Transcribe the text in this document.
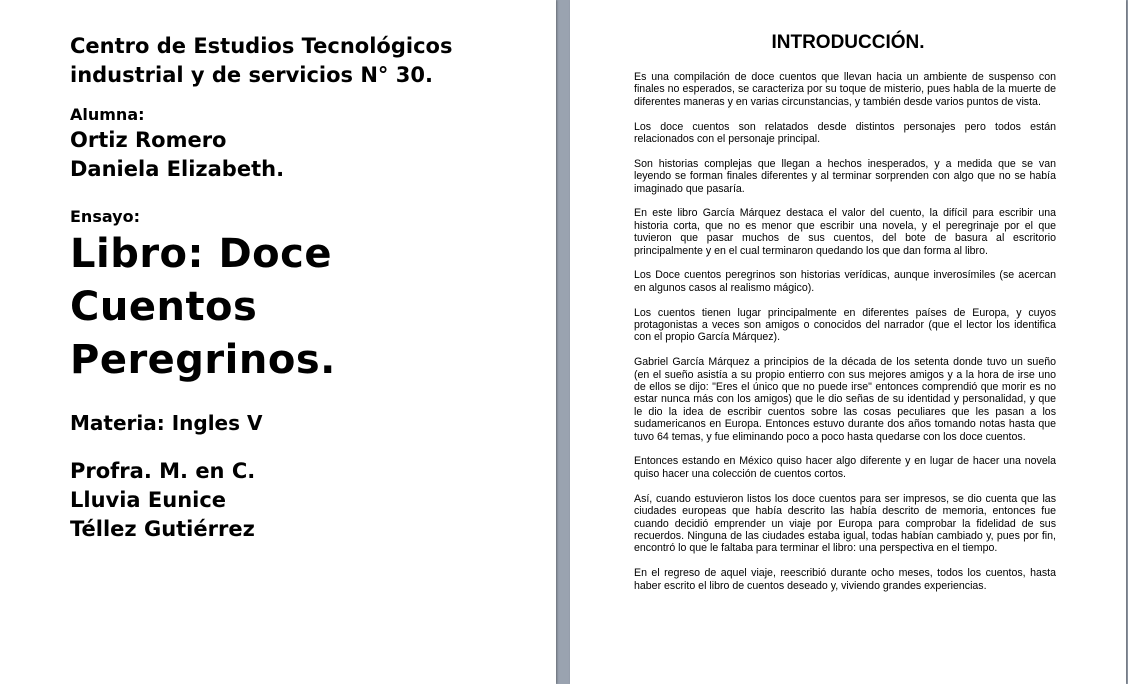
Centro de Estudios Tecnológicos industrial y de servicios N° 30.
Alumna:
Ortiz Romero
Daniela Elizabeth.
Ensayo:
Libro: Doce
Cuentos
Peregrinos.
Materia: Ingles V
Profra. M. en C.
Lluvia Eunice
Téllez Gutiérrez
INTRODUCCIÓN.

Es una compilación de doce cuentos que llevan hacia un ambiente de suspenso con finales no esperados, se caracteriza por su toque de misterio, pues habla de la muerte de diferentes maneras y en varias circunstancias, y también desde varios puntos de vista.

Los doce cuentos son relatados desde distintos personajes pero todos están relacionados con el personaje principal.

Son historias complejas que llegan a hechos inesperados, y a medida que se van leyendo se forman finales diferentes y al terminar sorprenden con algo que no se había imaginado que pasaría.

En este libro García Márquez destaca el valor del cuento, la difícil para escribir una historia corta, que no es menor que escribir una novela, y el peregrinaje por el que tuvieron que pasar muchos de sus cuentos, del bote de basura al escritorio principalmente y en el cual terminaron quedando los que dan forma al libro.

Los Doce cuentos peregrinos son historias verídicas, aunque inverosímiles (se acercan en algunos casos al realismo mágico).

Los cuentos tienen lugar principalmente en diferentes países de Europa, y cuyos protagonistas a veces son amigos o conocidos del narrador (que el lector los identifica con el propio García Márquez).

Gabriel García Márquez a principios de la década de los setenta donde tuvo un sueño (en el sueño asistía a su propio entierro con sus mejores amigos y a la hora de irse uno de ellos se dijo: "Eres el único que no puede irse" entonces comprendió que morir es no estar nunca más con los amigos) que le dio señas de su identidad y personalidad, y que le dio la idea de escribir cuentos sobre las cosas peculiares que les pasan a los sudamericanos en Europa. Entonces estuvo durante dos años tomando notas hasta que tuvo 64 temas, y fue eliminando poco a poco hasta quedarse con los doce cuentos.

Entonces estando en México quiso hacer algo diferente y en lugar de hacer una novela quiso hacer una colección de cuentos cortos.

Así, cuando estuvieron listos los doce cuentos para ser impresos, se dio cuenta que las ciudades europeas que había descrito las había descrito de memoria, entonces fue cuando decidió emprender un viaje por Europa para comprobar la fidelidad de sus recuerdos. Ninguna de las ciudades estaba igual, todas habían cambiado y, pues por fin, encontró lo que le faltaba para terminar el libro: una perspectiva en el tiempo.

En el regreso de aquel viaje, reescribió durante ocho meses, todos los cuentos, hasta haber escrito el libro de cuentos deseado y, viviendo grandes experiencias.
